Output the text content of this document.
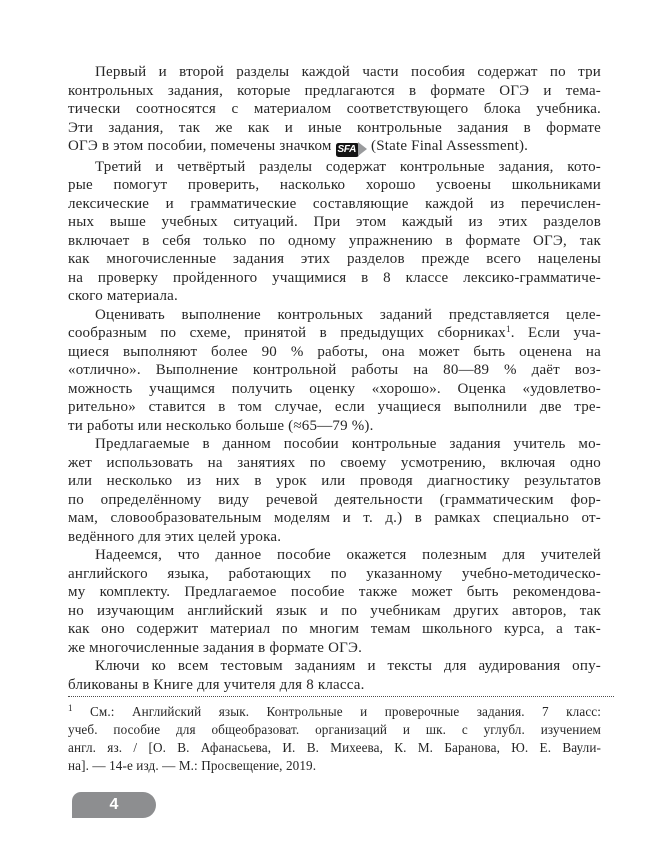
Первый и второй разделы каждой части пособия содержат по три
контрольных задания, которые предлагаются в формате ОГЭ и тема-
тически соотносятся с материалом соответствующего блока учебника.
Эти задания, так же как и иные контрольные задания в формате
ОГЭ в этом пособии, помечены значком SFA (State Final Assessment).
Третий и четвёртый разделы содержат контрольные задания, кото-
рые помогут проверить, насколько хорошо усвоены школьниками
лексические и грамматические составляющие каждой из перечислен-
ных выше учебных ситуаций. При этом каждый из этих разделов
включает в себя только по одному упражнению в формате ОГЭ, так
как многочисленные задания этих разделов прежде всего нацелены
на проверку пройденного учащимися в 8 классе лексико-грамматиче-
ского материала.
Оценивать выполнение контрольных заданий представляется целе-
сообразным по схеме, принятой в предыдущих сборниках$^1$. Если уча-
щиеся выполняют более 90 % работы, она может быть оценена на
«отлично». Выполнение контрольной работы на 80—89 % даёт воз-
можность учащимся получить оценку «хорошо». Оценка «удовлетво-
рительно» ставится в том случае, если учащиеся выполнили две тре-
ти работы или несколько больше (≈65—79 %).
Предлагаемые в данном пособии контрольные задания учитель мо-
жет использовать на занятиях по своему усмотрению, включая одно
или несколько из них в урок или проводя диагностику результатов
по определённому виду речевой деятельности (грамматическим фор-
мам, словообразовательным моделям и т. д.) в рамках специально от-
ведённого для этих целей урока.
Надеемся, что данное пособие окажется полезным для учителей
английского языка, работающих по указанному учебно-методическо-
му комплекту. Предлагаемое пособие также может быть рекомендова-
но изучающим английский язык и по учебникам других авторов, так
как оно содержит материал по многим темам школьного курса, а так-
же многочисленные задания в формате ОГЭ.
Ключи ко всем тестовым заданиям и тексты для аудирования опу-
бликованы в Книге для учителя для 8 класса.
$^1$ См.: Английский язык. Контрольные и проверочные задания. 7 класс:
учеб. пособие для общеобразоват. организаций и шк. с углубл. изучением
англ. яз. / [О. В. Афанасьева, И. В. Михеева, К. М. Баранова, Ю. Е. Ваули-
на]. — 14-е изд. — М.: Просвещение, 2019.
4
